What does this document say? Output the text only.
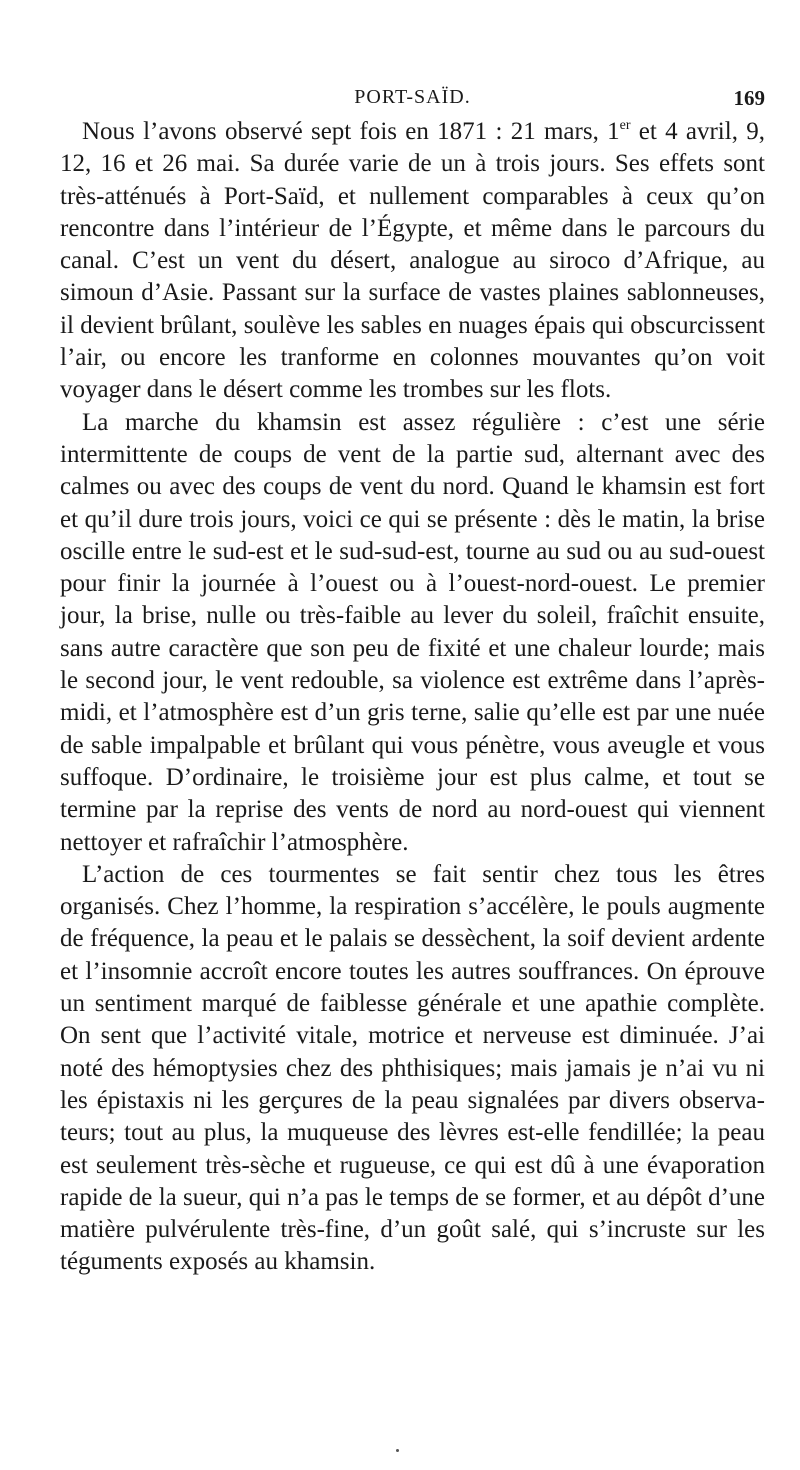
PORT-SAÏD.	169

Nous l’avons observé sept fois en 1871 : 21 mars, 1er et 4 avril, 9, 12, 16 et 26 mai. Sa durée varie de un à trois jours. Ses effets sont très-atténués à Port-Saïd, et nullement comparables à ceux qu’on rencontre dans l’intérieur de l’Égypte, et même dans le parcours du canal. C’est un vent du désert, analogue au siroco d’Afrique, au simoun d’Asie. Passant sur la surface de vastes plaines sablonneuses, il devient brûlant, soulève les sables en nuages épais qui obscurcissent l’air, ou encore les tranforme en colonnes mouvantes qu’on voit voyager dans le désert comme les trombes sur les flots.

La marche du khamsin est assez régulière : c’est une série intermittente de coups de vent de la partie sud, alternant avec des calmes ou avec des coups de vent du nord. Quand le khamsin est fort et qu’il dure trois jours, voici ce qui se présente : dès le matin, la brise oscille entre le sud-est et le sud-sud-est, tourne au sud ou au sud-ouest pour finir la journée à l’ouest ou à l’ouest-nord-ouest. Le premier jour, la brise, nulle ou très-faible au lever du soleil, fraîchit ensuite, sans autre caractère que son peu de fixité et une chaleur lourde; mais le second jour, le vent redouble, sa violence est extrême dans l’après-midi, et l’atmosphère est d’un gris terne, salie qu’elle est par une nuée de sable impalpable et brûlant qui vous pénètre, vous aveugle et vous suffoque. D’ordinaire, le troisième jour est plus calme, et tout se termine par la reprise des vents de nord au nord-ouest qui viennent nettoyer et rafraîchir l’atmosphère.

L’action de ces tourmentes se fait sentir chez tous les êtres organisés. Chez l’homme, la respiration s’accélère, le pouls augmente de fréquence, la peau et le palais se dessèchent, la soif devient ardente et l’insomnie accroît encore toutes les autres souffrances. On éprouve un sentiment marqué de faiblesse générale et une apathie complète. On sent que l’activité vitale, motrice et nerveuse est diminuée. J’ai noté des hémoptysies chez des phthisiques; mais jamais je n’ai vu ni les épistaxis ni les gerçures de la peau signalées par divers observateurs; tout au plus, la muqueuse des lèvres est-elle fendillée; la peau est seulement très-sèche et rugueuse, ce qui est dû à une évaporation rapide de la sueur, qui n’a pas le temps de se former, et au dépôt d’une matière pulvérulente très-fine, d’un goût salé, qui s’incruste sur les téguments exposés au khamsin.
